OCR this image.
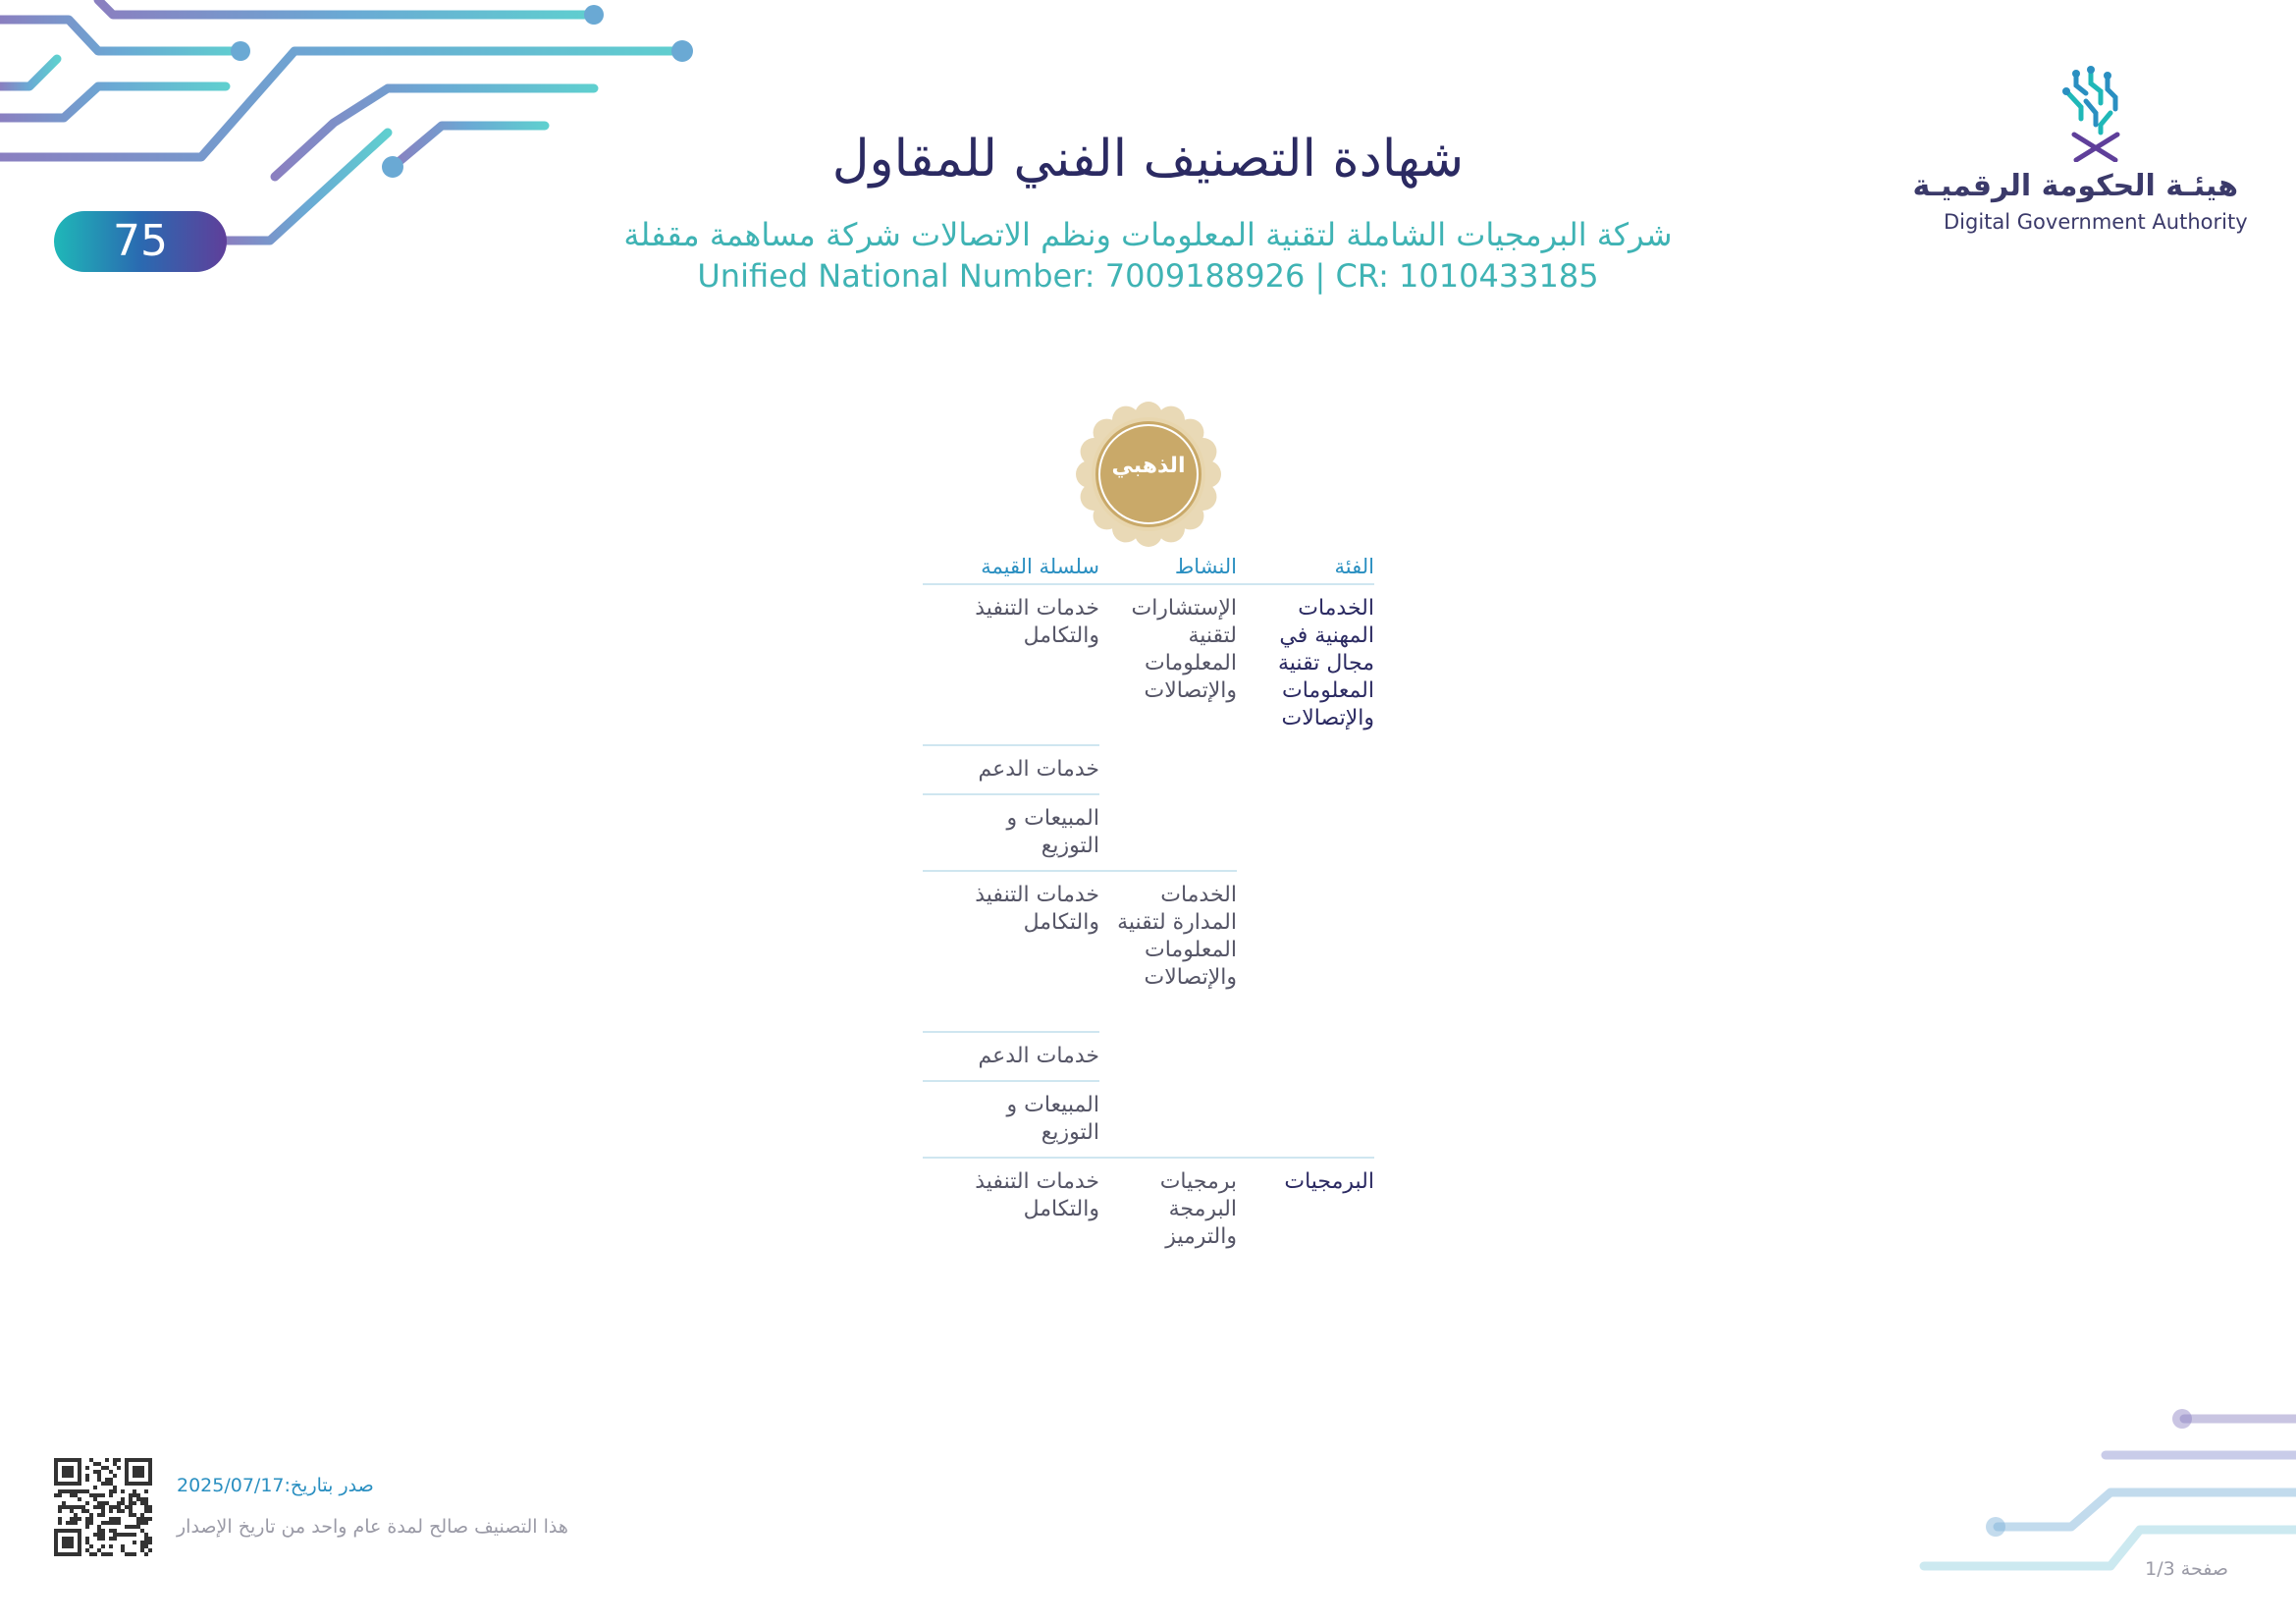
شهادة التصنيف الفني للمقاول
شركة البرمجيات الشاملة لتقنية المعلومات ونظم الاتصالات شركة مساهمة مقفلة
Unified National Number: 7009188926 | CR: 1010433185
75
هيئـة الحكومة الرقميـة
Digital Government Authority
الذهبي
الفئة
النشاط
سلسلة القيمة
الخدمات المهنية في مجال تقنية المعلومات والإتصالات
الإستشارات لتقنية المعلومات والإتصالات
خدمات التنفيذ والتكامل
خدمات الدعم
المبيعات و التوزيع
الخدمات المدارة لتقنية المعلومات والإتصالات
خدمات التنفيذ والتكامل
خدمات الدعم
المبيعات و التوزيع
البرمجيات
برمجيات البرمجة والترميز
خدمات التنفيذ والتكامل
صدر بتاريخ:2025/07/17
هذا التصنيف صالح لمدة عام واحد من تاريخ الإصدار
صفحة 1/3
